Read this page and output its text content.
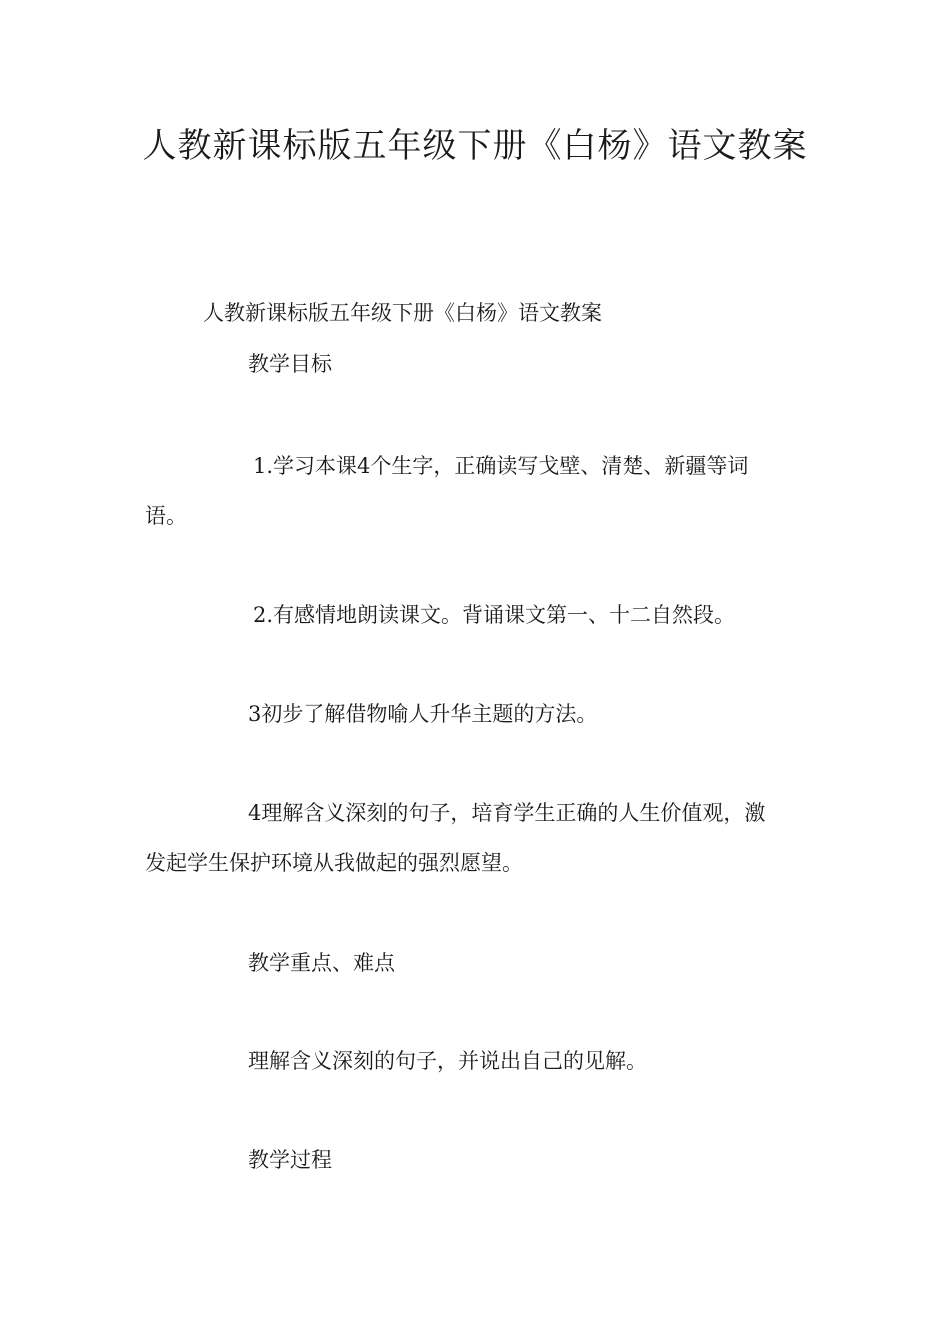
人教新课标版五年级下册《白杨》语文教案
人教新课标版五年级下册《白杨》语文教案
教学目标
1.学习本课4个生字，正确读写戈壁、清楚、新疆等词
语。
2.有感情地朗读课文。背诵课文第一、十二自然段。
3初步了解借物喻人升华主题的方法。
4理解含义深刻的句子，培育学生正确的人生价值观，激
发起学生保护环境从我做起的强烈愿望。
教学重点、难点
理解含义深刻的句子，并说出自己的见解。
教学过程
